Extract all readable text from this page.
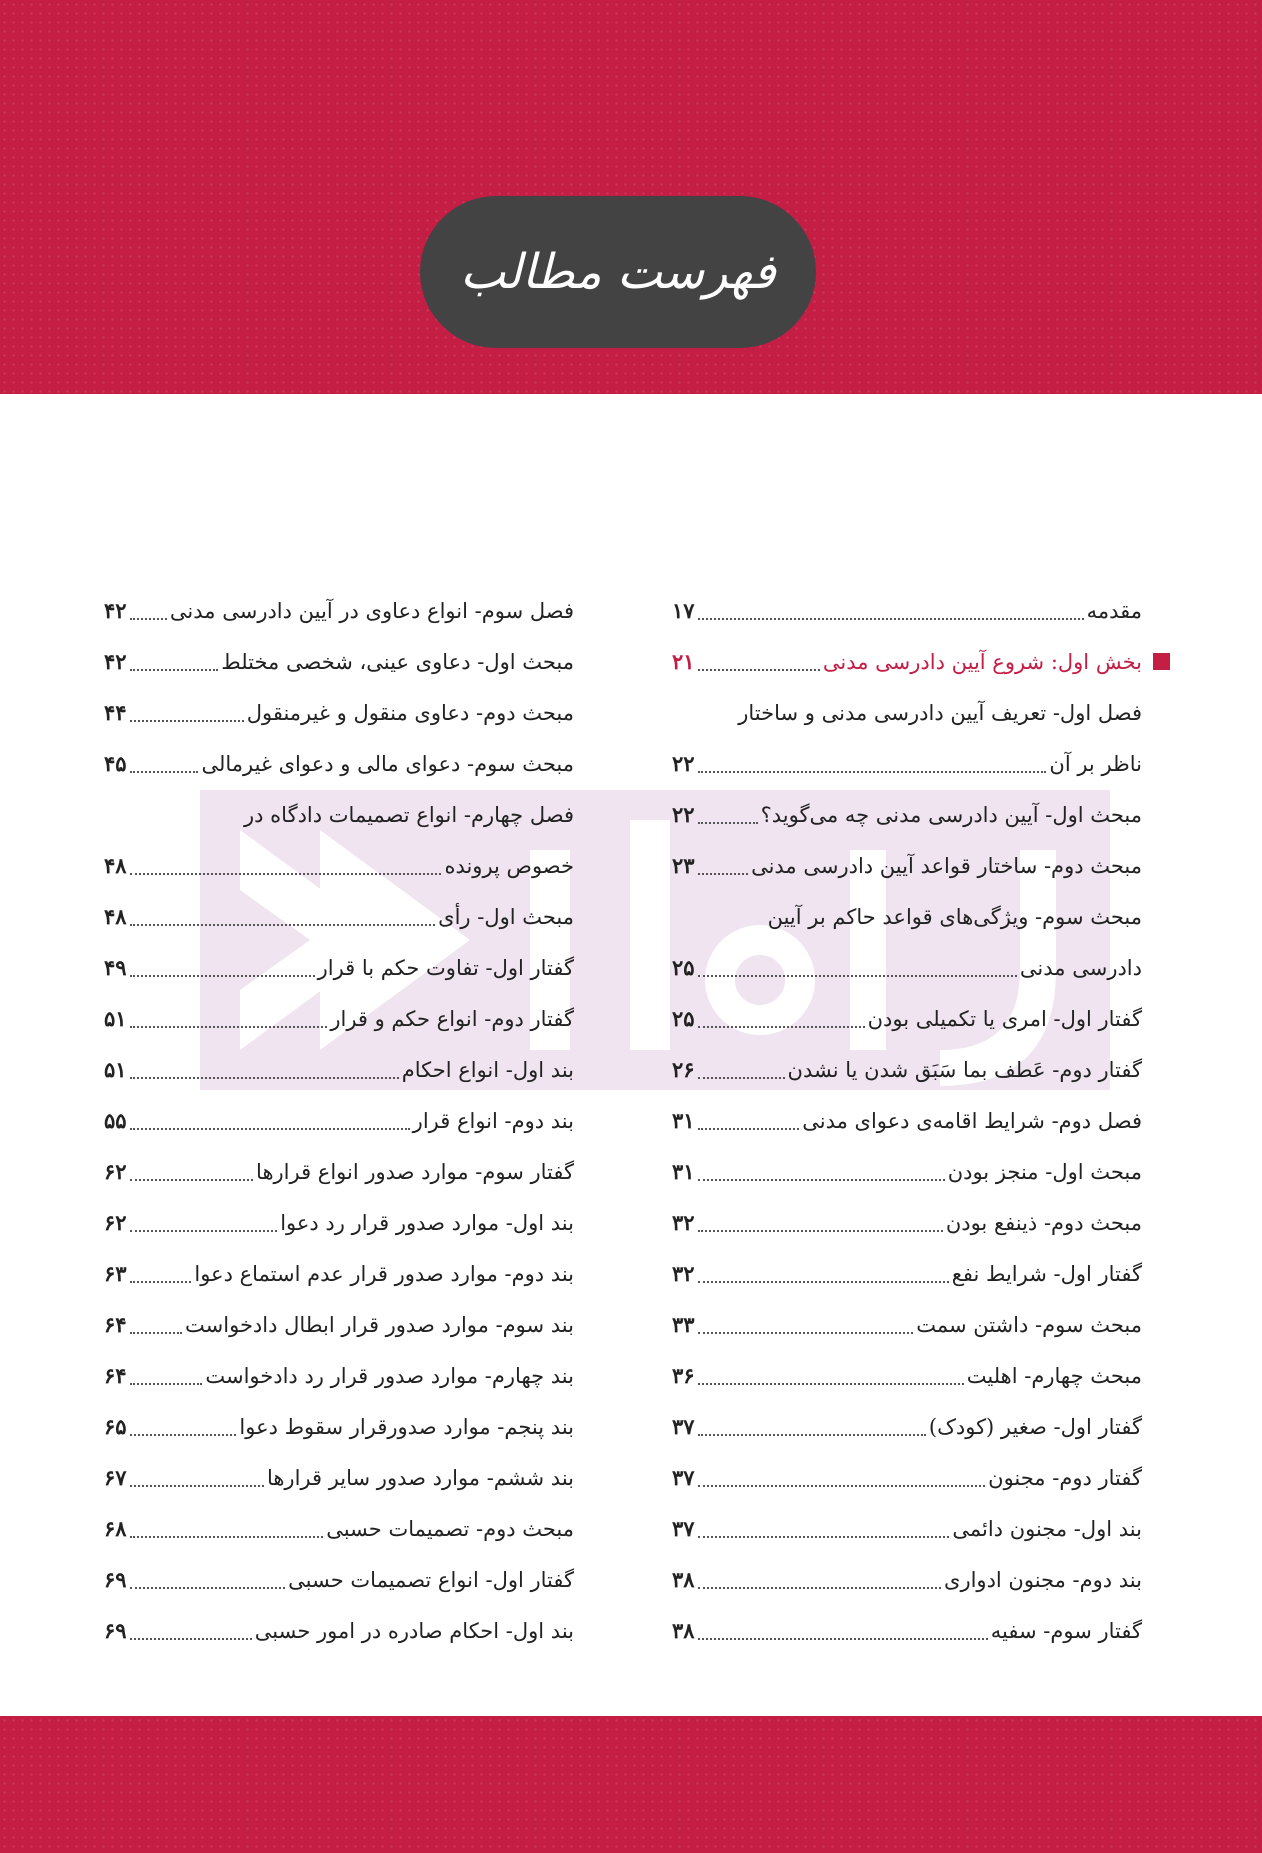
فهرست مطالب
مقدمه
۱۷
بخش اول: شروع آیین دادرسی مدنی
۲۱
فصل اول- تعریف آیین دادرسی مدنی و ساختار
ناظر بر آن
۲۲
مبحث اول- آیین دادرسی مدنی چه می‌گوید؟
۲۲
مبحث دوم- ساختار قواعد آیین دادرسی مدنی
۲۳
مبحث سوم- ویژگی‌های قواعد حاکم بر آیین
دادرسی مدنی
۲۵
گفتار اول- امری یا تکمیلی بودن
۲۵
گفتار دوم- عَطف بما سَبَق شدن یا نشدن
۲۶
فصل دوم- شرایط اقامه‌ی دعوای مدنی
۳۱
مبحث اول- منجز بودن
۳۱
مبحث دوم- ذینفع بودن
۳۲
گفتار اول- شرایط نفع
۳۲
مبحث سوم- داشتن سمت
۳۳
مبحث چهارم- اهلیت
۳۶
گفتار اول- صغیر (کودک)
۳۷
گفتار دوم- مجنون
۳۷
بند اول- مجنون دائمی
۳۷
بند دوم- مجنون ادواری
۳۸
گفتار سوم- سفیه
۳۸
فصل سوم- انواع دعاوی در آیین دادرسی مدنی
۴۲
مبحث اول- دعاوی عینی، شخصی مختلط
۴۲
مبحث دوم- دعاوی منقول و غیرمنقول
۴۴
مبحث سوم- دعوای مالی و دعوای غیرمالی
۴۵
فصل چهارم- انواع تصمیمات دادگاه در
خصوص پرونده
۴۸
مبحث اول- رأی
۴۸
گفتار اول- تفاوت حکم با قرار
۴۹
گفتار دوم- انواع حکم و قرار
۵۱
بند اول- انواع احکام
۵۱
بند دوم- انواع قرار
۵۵
گفتار سوم- موارد صدور انواع قرارها
۶۲
بند اول- موارد صدور قرار رد دعوا
۶۲
بند دوم- موارد صدور قرار عدم استماع دعوا
۶۳
بند سوم- موارد صدور قرار ابطال دادخواست
۶۴
بند چهارم- موارد صدور قرار رد دادخواست
۶۴
بند پنجم- موارد صدورقرار سقوط دعوا
۶۵
بند ششم- موارد صدور سایر قرارها
۶۷
مبحث دوم- تصمیمات حسبی
۶۸
گفتار اول- انواع تصمیمات حسبی
۶۹
بند اول- احکام صادره در امور حسبی
۶۹
